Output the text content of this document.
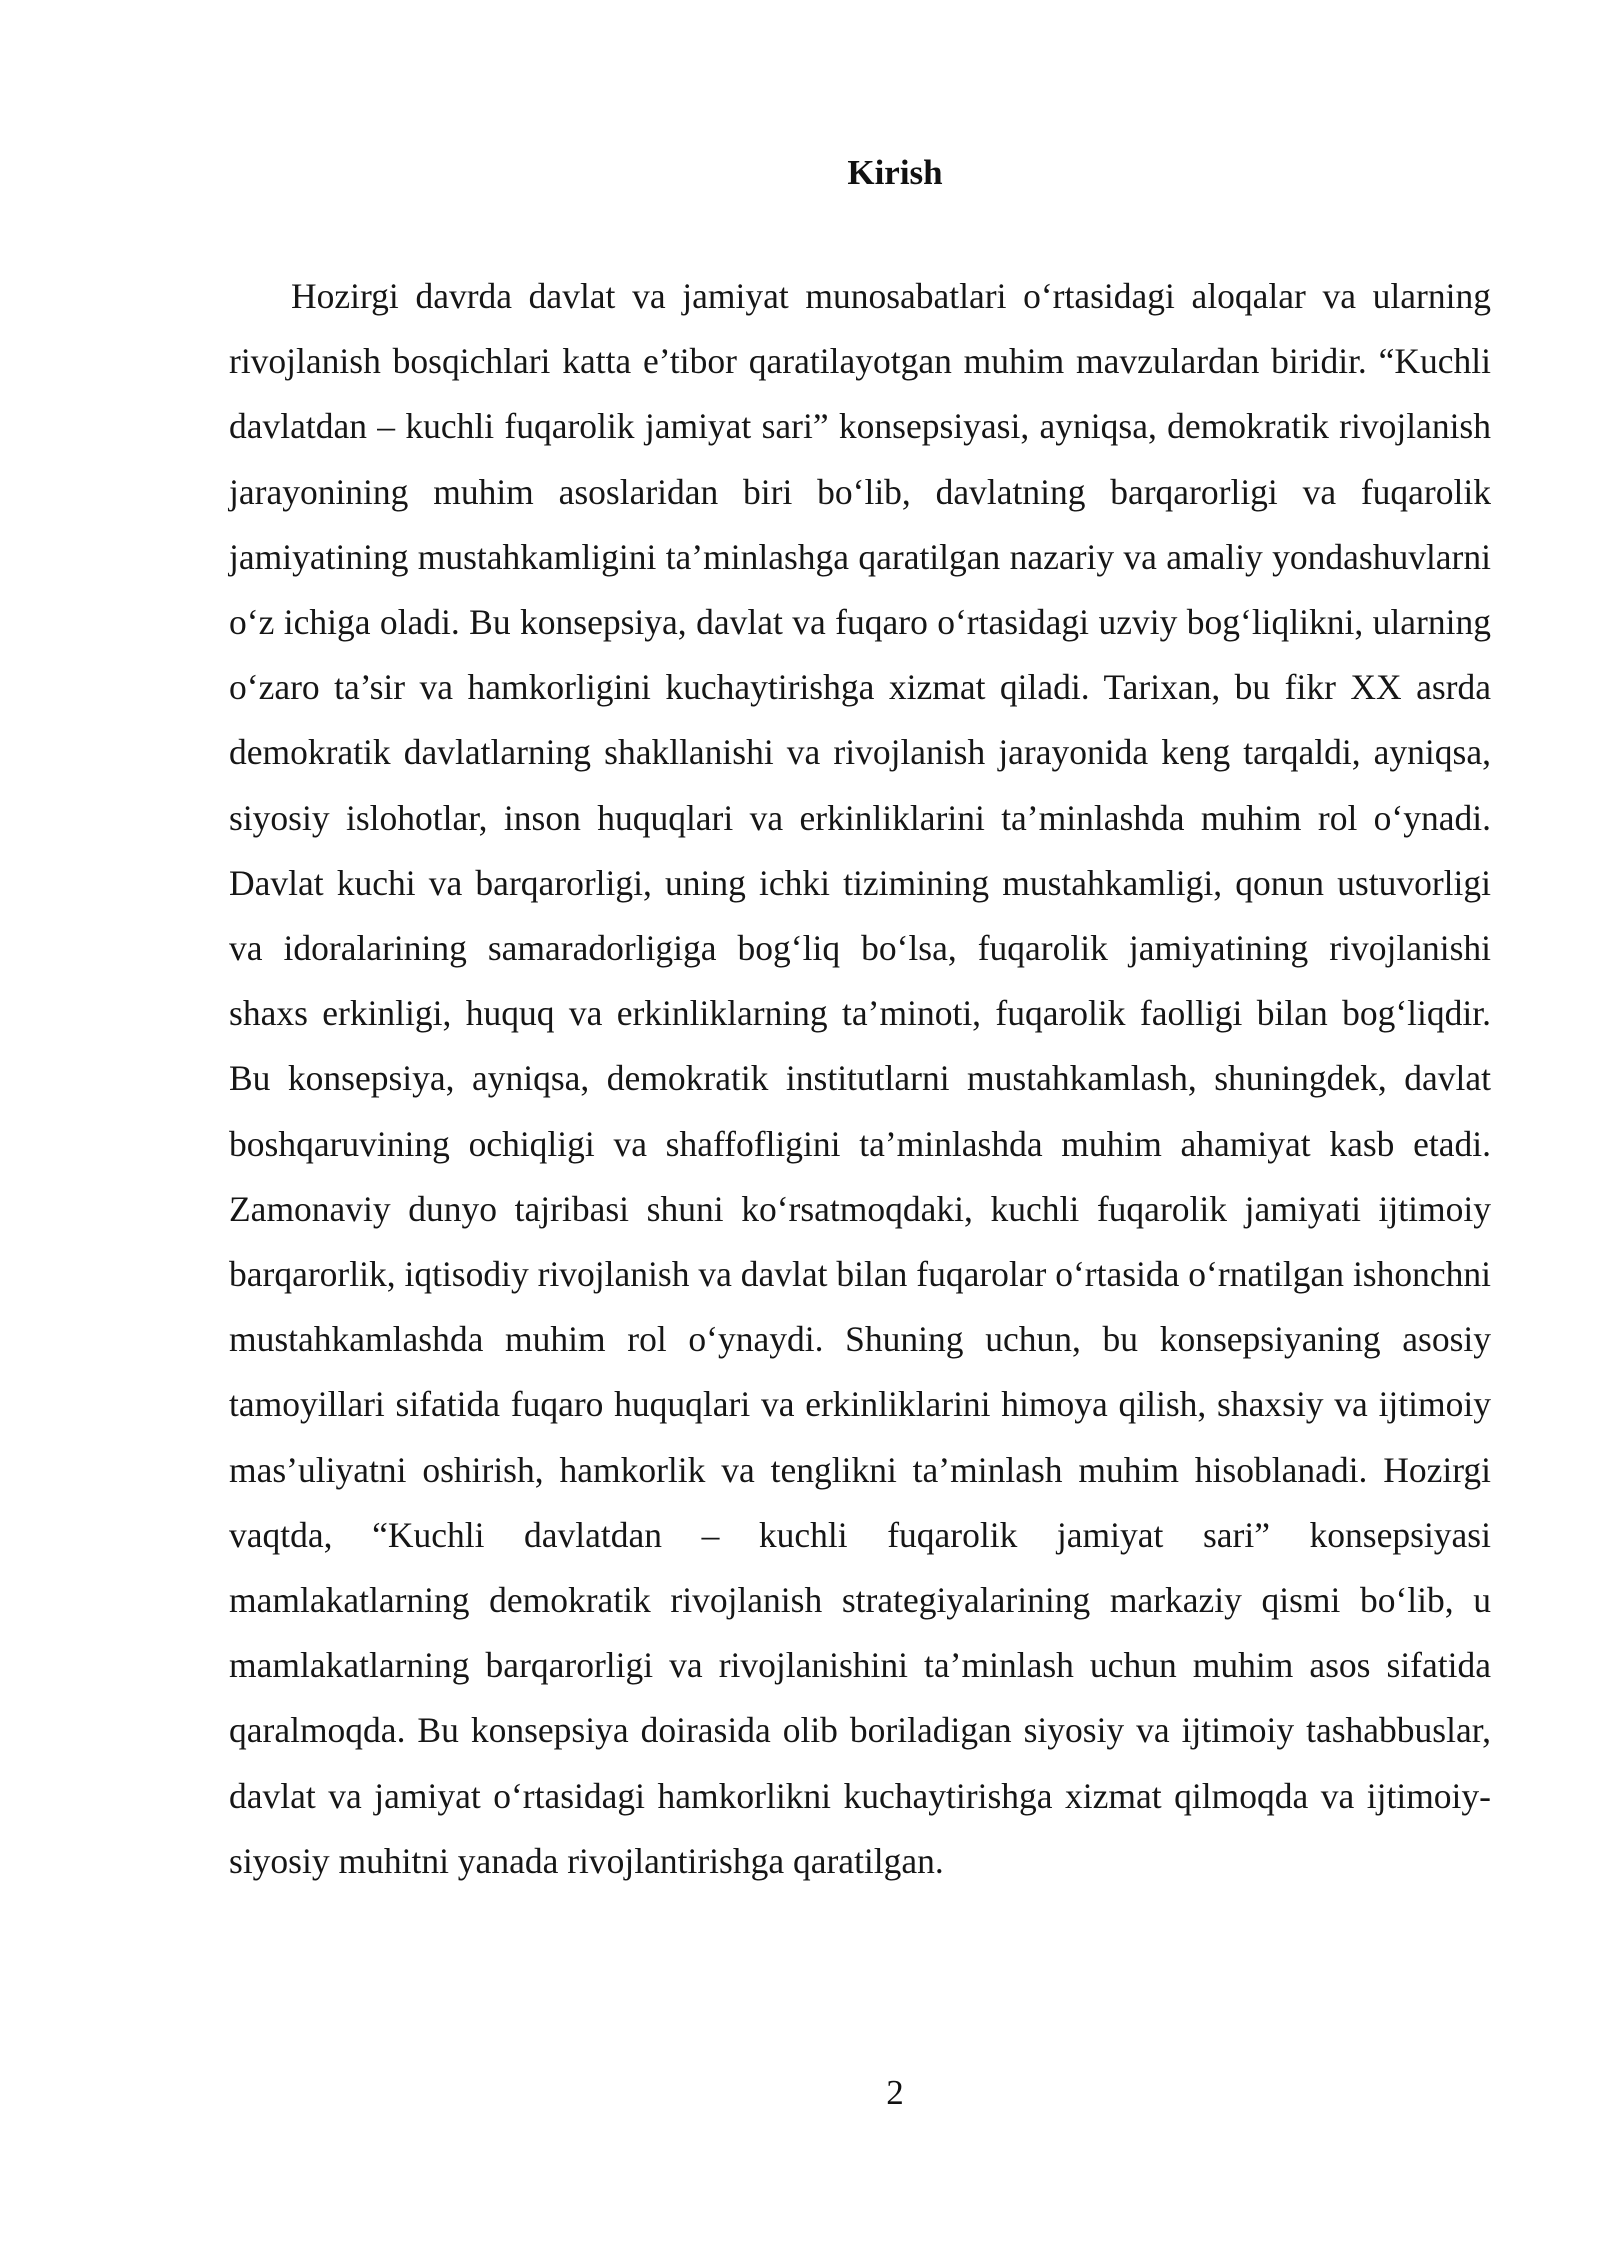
Kirish

Hozirgi davrda davlat va jamiyat munosabatlari o‘rtasidagi aloqalar va ularning rivojlanish bosqichlari katta e’tibor qaratilayotgan muhim mavzulardan biridir. “Kuchli davlatdan – kuchli fuqarolik jamiyat sari” konsepsiyasi, ayniqsa, demokratik rivojlanish jarayonining muhim asoslaridan biri bo‘lib, davlatning barqarorligi va fuqarolik jamiyatining mustahkamligini ta’minlashga qaratilgan nazariy va amaliy yondashuvlarni o‘z ichiga oladi. Bu konsepsiya, davlat va fuqaro o‘rtasidagi uzviy bog‘liqlikni, ularning o‘zaro ta’sir va hamkorligini kuchaytirishga xizmat qiladi. Tarixan, bu fikr XX asrda demokratik davlatlarning shakllanishi va rivojlanish jarayonida keng tarqaldi, ayniqsa, siyosiy islohotlar, inson huquqlari va erkinliklarini ta’minlashda muhim rol o‘ynadi. Davlat kuchi va barqarorligi, uning ichki tizimining mustahkamligi, qonun ustuvorligi va idoralarining samaradorligiga bog‘liq bo‘lsa, fuqarolik jamiyatining rivojlanishi shaxs erkinligi, huquq va erkinliklarning ta’minoti, fuqarolik faolligi bilan bog‘liqdir. Bu konsepsiya, ayniqsa, demokratik institutlarni mustahkamlash, shuningdek, davlat boshqaruvining ochiqligi va shaffofligini ta’minlashda muhim ahamiyat kasb etadi. Zamonaviy dunyo tajribasi shuni ko‘rsatmoqdaki, kuchli fuqarolik jamiyati ijtimoiy barqarorlik, iqtisodiy rivojlanish va davlat bilan fuqarolar o‘rtasida o‘rnatilgan ishonchni mustahkamlashda muhim rol o‘ynaydi. Shuning uchun, bu konsepsiyaning asosiy tamoyillari sifatida fuqaro huquqlari va erkinliklarini himoya qilish, shaxsiy va ijtimoiy mas’uliyatni oshirish, hamkorlik va tenglikni ta’minlash muhim hisoblanadi. Hozirgi vaqtda, “Kuchli davlatdan – kuchli fuqarolik jamiyat sari” konsepsiyasi mamlakatlarning demokratik rivojlanish strategiyalarining markaziy qismi bo‘lib, u mamlakatlarning barqarorligi va rivojlanishini ta’minlash uchun muhim asos sifatida qaralmoqda. Bu konsepsiya doirasida olib boriladigan siyosiy va ijtimoiy tashabbuslar, davlat va jamiyat o‘rtasidagi hamkorlikni kuchaytirishga xizmat qilmoqda va ijtimoiy-siyosiy muhitni yanada rivojlantirishga qaratilgan.

2
